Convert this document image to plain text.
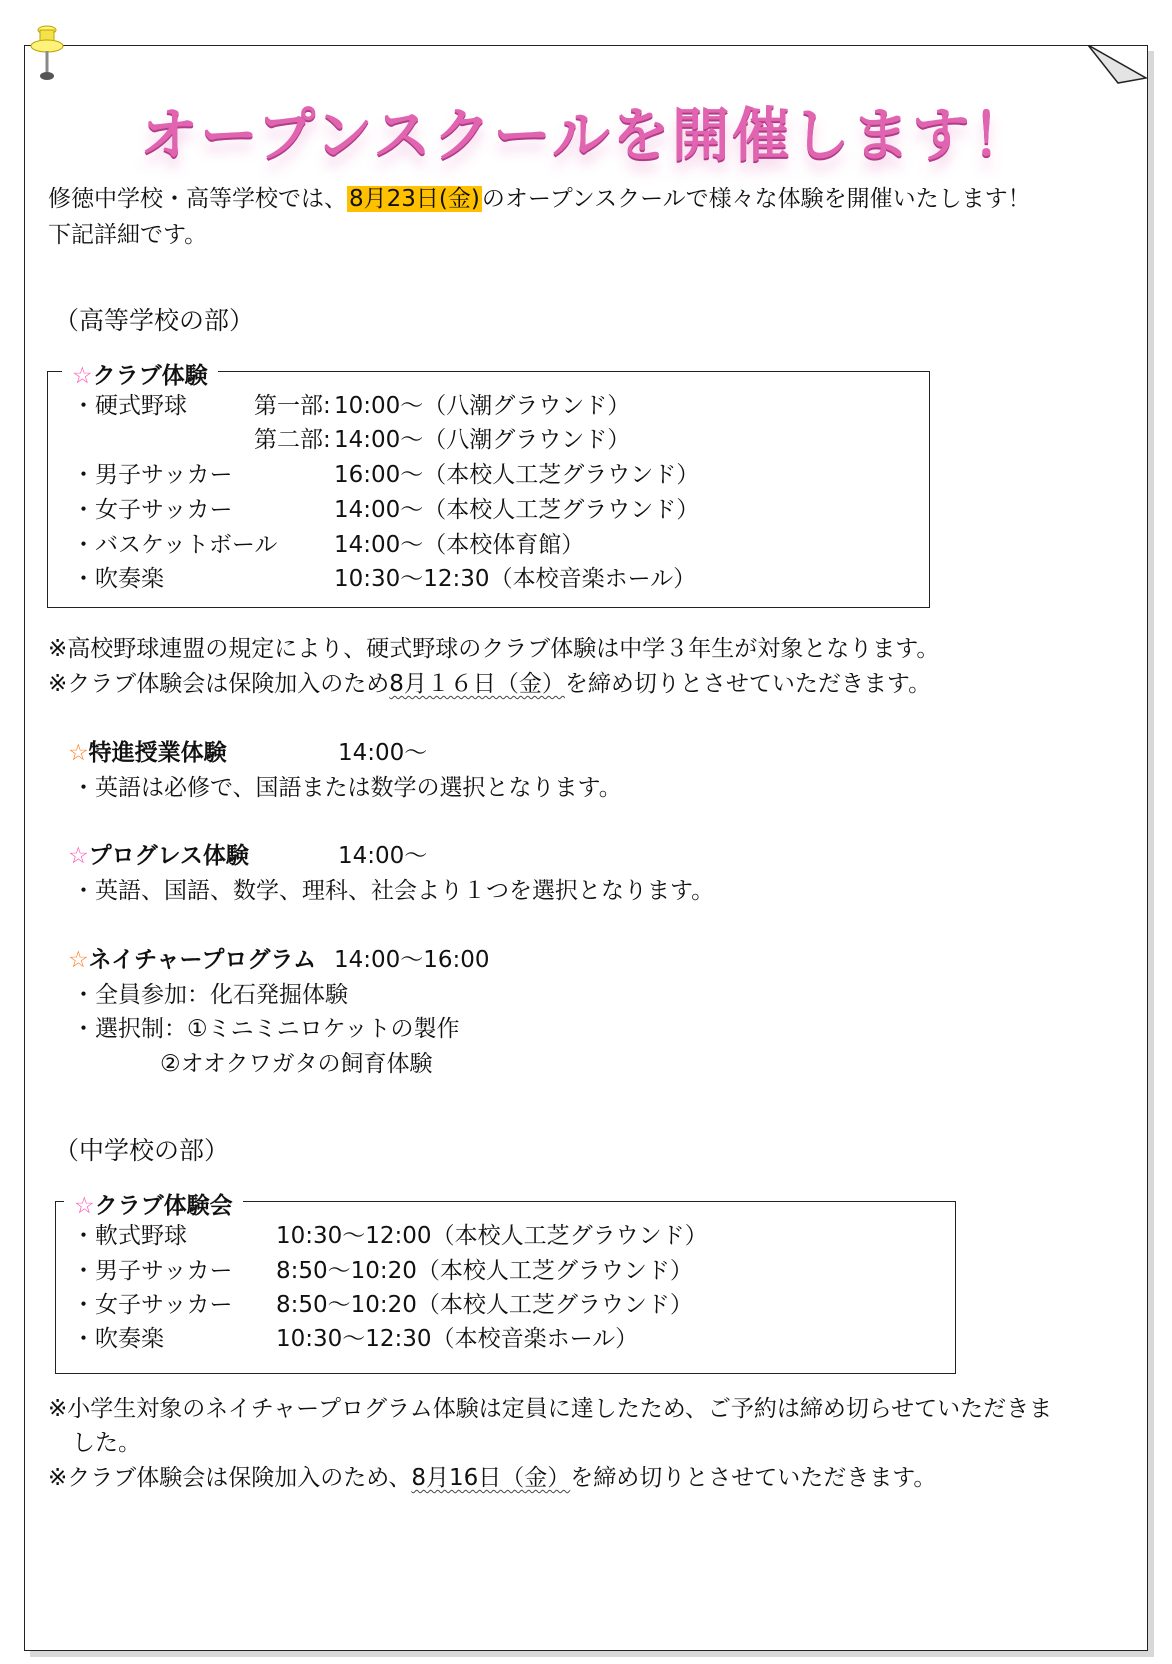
オープンスクールを開催します！
修徳中学校・高等学校では、8月23日(金)のオープンスクールで様々な体験を開催いたします！
下記詳細です。
（高等学校の部）
☆クラブ体験
・硬式野球	第一部: 10:00～（八潮グラウンド）
第二部: 14:00～（八潮グラウンド）
・男子サッカー	16:00～（本校人工芝グラウンド）
・女子サッカー	14:00～（本校人工芝グラウンド）
・バスケットボール 14:00～（本校体育館）
・吹奏楽	10:30～12:30（本校音楽ホール）
※高校野球連盟の規定により、硬式野球のクラブ体験は中学３年生が対象となります。
※クラブ体験会は保険加入のため8月１６日（金）を締め切りとさせていただきます。
☆特進授業体験	14:00～
・英語は必修で、国語または数学の選択となります。
☆プログレス体験	14:00～
・英語、国語、数学、理科、社会より１つを選択となります。
☆ネイチャープログラム 14:00～16:00
・全員参加：化石発掘体験
・選択制：①ミニミニロケットの製作
②オオクワガタの飼育体験
（中学校の部）
☆クラブ体験会
・軟式野球	10:30～12:00（本校人工芝グラウンド）
・男子サッカー 8:50～10:20（本校人工芝グラウンド）
・女子サッカー 8:50～10:20（本校人工芝グラウンド）
・吹奏楽	10:30～12:30（本校音楽ホール）
※小学生対象のネイチャープログラム体験は定員に達したため、ご予約は締め切らせていただきま
した。
※クラブ体験会は保険加入のため、8月16日（金）を締め切りとさせていただきます。
